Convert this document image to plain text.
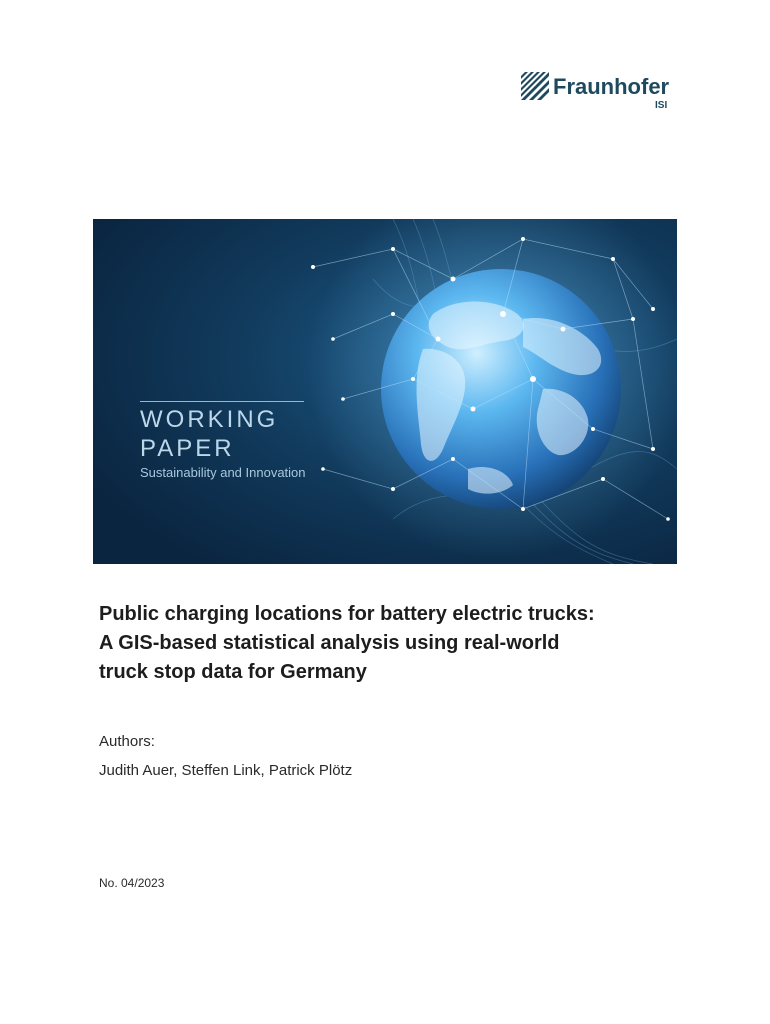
Fraunhofer
ISI
WORKING
PAPER
Sustainability and Innovation
Public charging locations for battery electric trucks:
A GIS-based statistical analysis using real-world
truck stop data for Germany
Authors:
Judith Auer, Steffen Link, Patrick Plötz
No. 04/2023
